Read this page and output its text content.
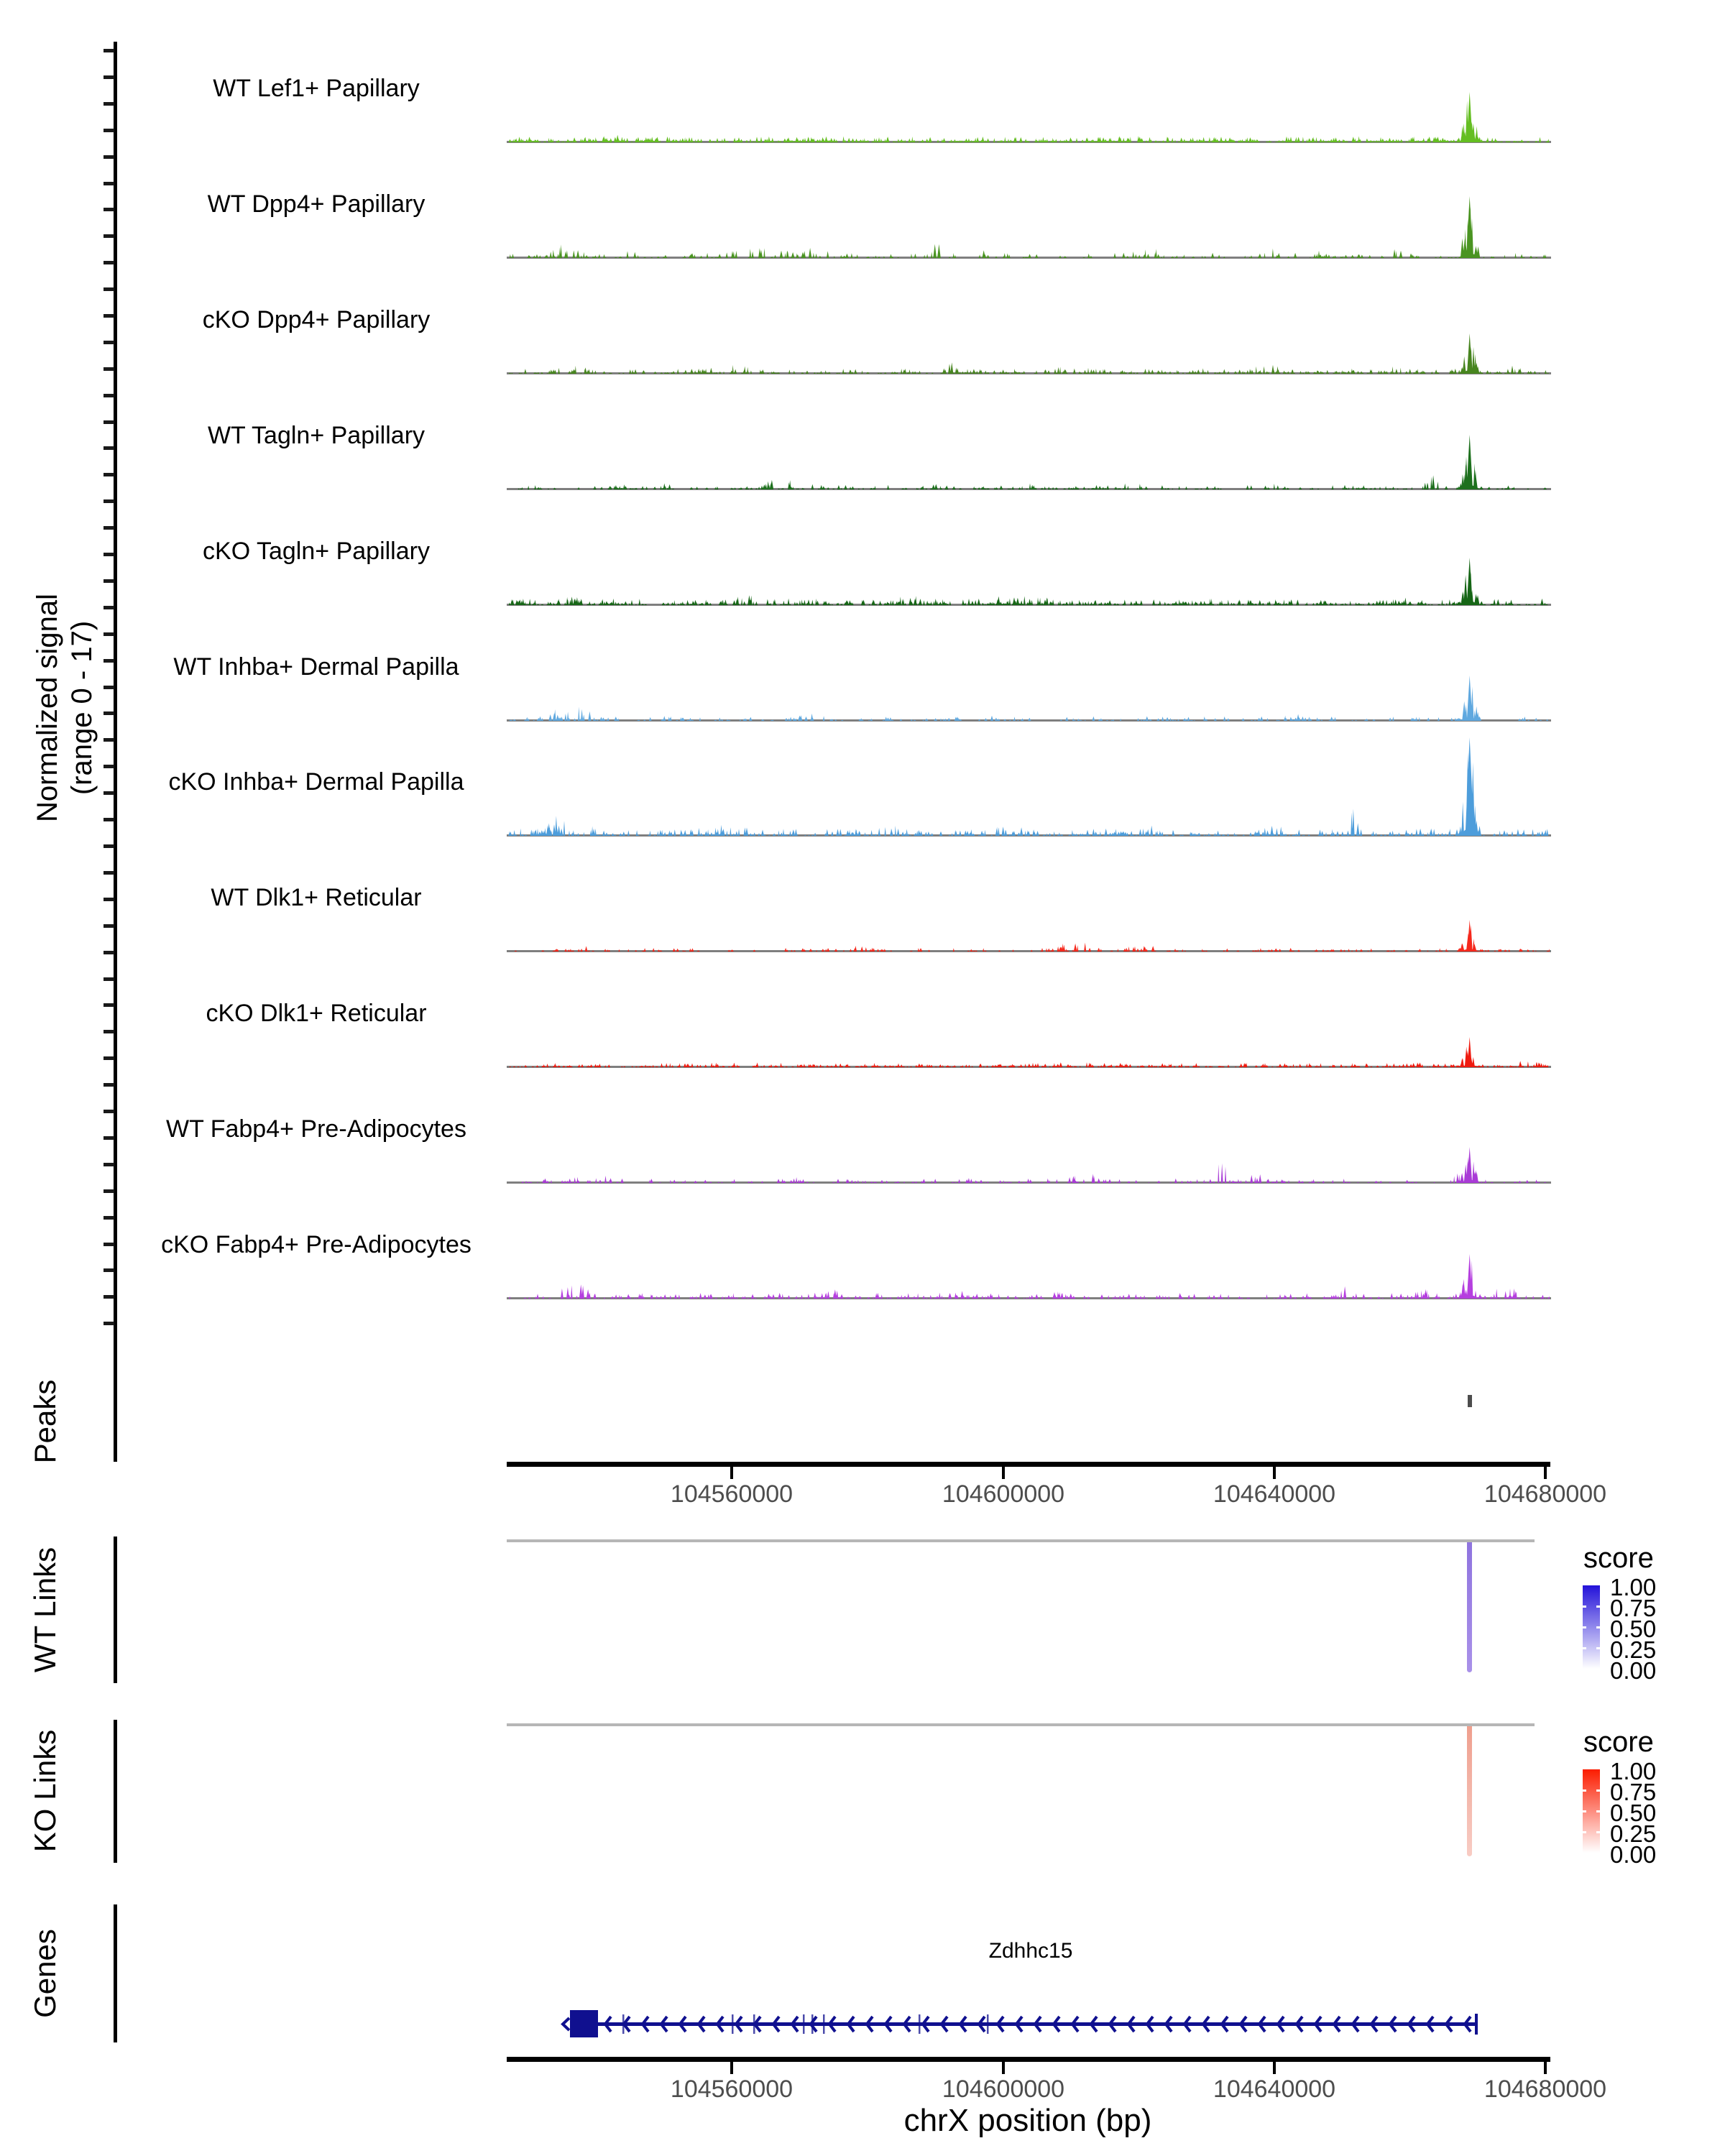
Normalized signal (range 0 - 17)
WT Lef1+ Papillary
WT Dpp4+ Papillary
cKO Dpp4+ Papillary
WT Tagln+ Papillary
cKO Tagln+ Papillary
WT Inhba+ Dermal Papilla
cKO Inhba+ Dermal Papilla
WT Dlk1+ Reticular
cKO Dlk1+ Reticular
WT Fabp4+ Pre-Adipocytes
cKO Fabp4+ Pre-Adipocytes
Peaks
104560000	104600000	104640000	104680000
WT Links	score
1.00
0.75
0.50
0.25
0.00
KO Links	score
1.00
0.75
0.50
0.25
0.00
Genes	Zdhhc15
104560000	104600000	104640000	104680000
chrX position (bp)
